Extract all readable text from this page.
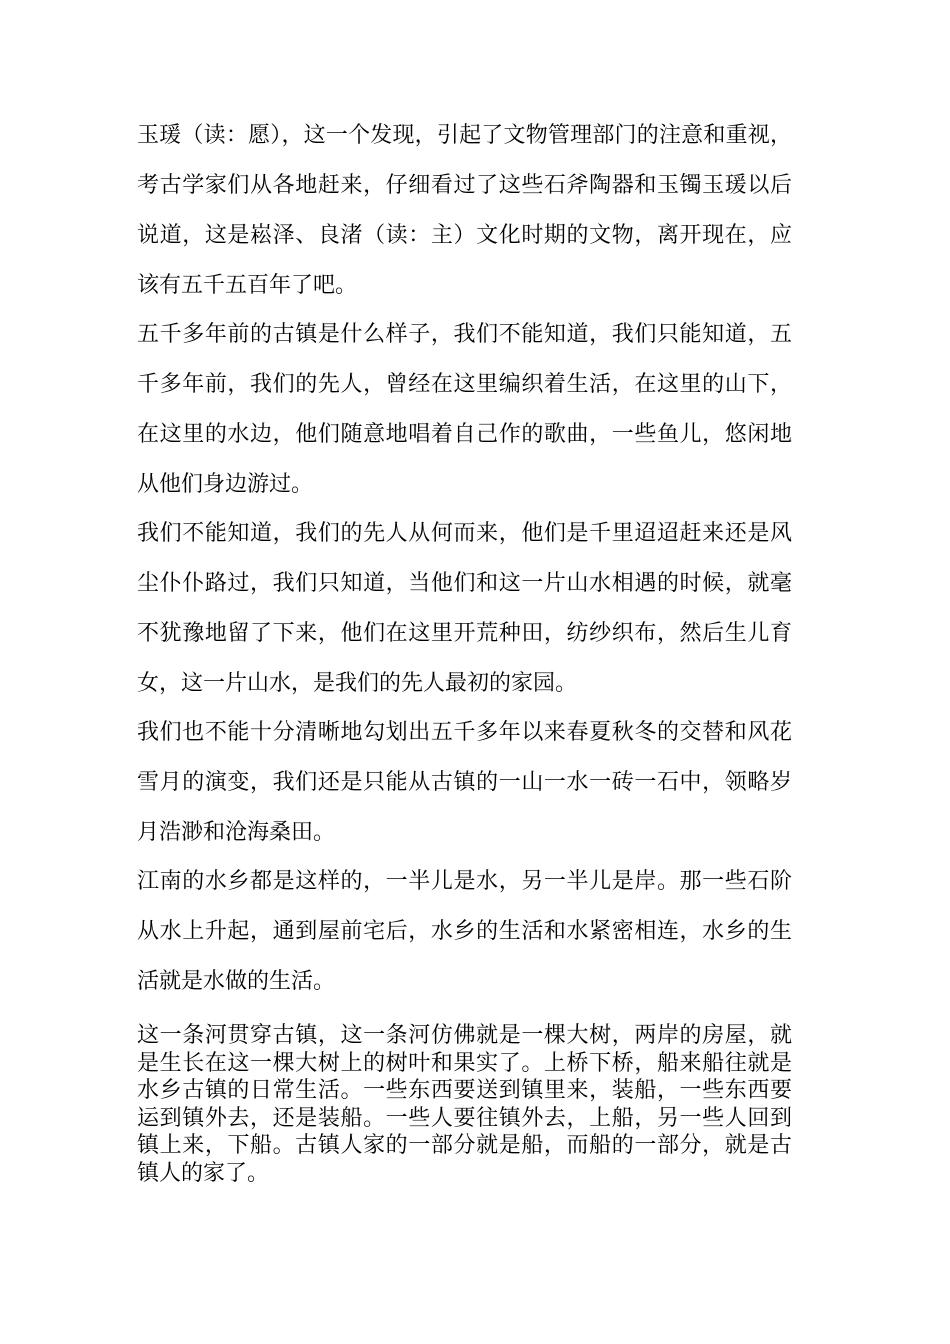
玉瑗（读：愿），这一个发现，引起了文物管理部门的注意和重视，考古学家们从各地赶来，仔细看过了这些石斧陶器和玉镯玉瑗以后说道，这是崧泽、良渚（读：主）文化时期的文物，离开现在，应该有五千五百年了吧。

五千多年前的古镇是什么样子，我们不能知道，我们只能知道，五千多年前，我们的先人，曾经在这里编织着生活，在这里的山下，在这里的水边，他们随意地唱着自己作的歌曲，一些鱼儿，悠闲地从他们身边游过。

我们不能知道，我们的先人从何而来，他们是千里迢迢赶来还是风尘仆仆路过，我们只知道，当他们和这一片山水相遇的时候，就毫不犹豫地留了下来，他们在这里开荒种田，纺纱织布，然后生儿育女，这一片山水，是我们的先人最初的家园。

我们也不能十分清晰地勾划出五千多年以来春夏秋冬的交替和风花雪月的演变，我们还是只能从古镇的一山一水一砖一石中，领略岁月浩渺和沧海桑田。

江南的水乡都是这样的，一半儿是水，另一半儿是岸。那一些石阶从水上升起，通到屋前宅后，水乡的生活和水紧密相连，水乡的生活就是水做的生活。

这一条河贯穿古镇，这一条河仿佛就是一棵大树，两岸的房屋，就是生长在这一棵大树上的树叶和果实了。上桥下桥，船来船往就是水乡古镇的日常生活。一些东西要送到镇里来，装船，一些东西要运到镇外去，还是装船。一些人要往镇外去，上船，另一些人回到镇上来，下船。古镇人家的一部分就是船，而船的一部分，就是古镇人的家了。
